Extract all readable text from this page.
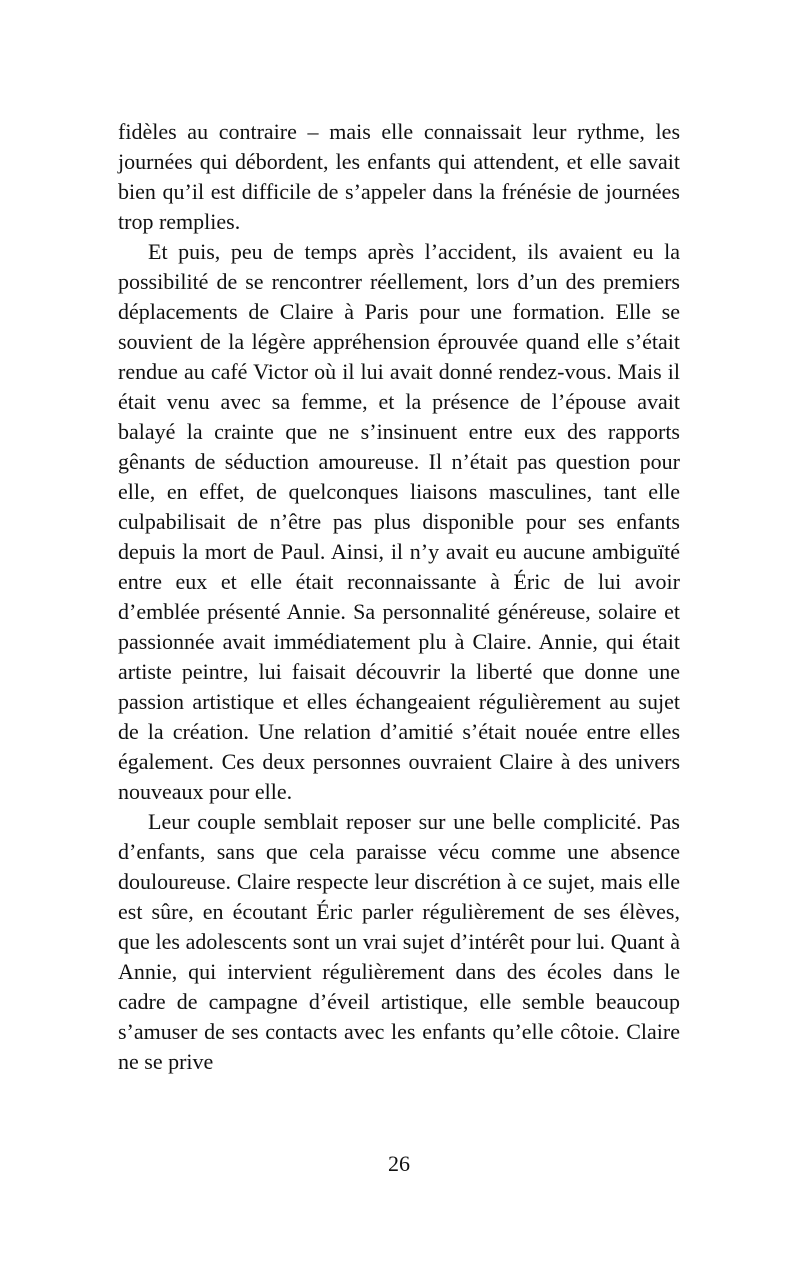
fidèles au contraire – mais elle connaissait leur rythme, les journées qui débordent, les enfants qui attendent, et elle savait bien qu’il est difficile de s’appeler dans la frénésie de journées trop remplies.

Et puis, peu de temps après l’accident, ils avaient eu la possibilité de se rencontrer réellement, lors d’un des premiers déplacements de Claire à Paris pour une formation. Elle se souvient de la légère appréhension éprouvée quand elle s’était rendue au café Victor où il lui avait donné rendez-vous. Mais il était venu avec sa femme, et la présence de l’épouse avait balayé la crainte que ne s’insinuent entre eux des rapports gênants de séduction amoureuse. Il n’était pas question pour elle, en effet, de quelconques liaisons masculines, tant elle culpabilisait de n’être pas plus disponible pour ses enfants depuis la mort de Paul. Ainsi, il n’y avait eu aucune ambiguïté entre eux et elle était reconnaissante à Éric de lui avoir d’emblée présenté Annie. Sa personnalité généreuse, solaire et passionnée avait immédiatement plu à Claire. Annie, qui était artiste peintre, lui faisait découvrir la liberté que donne une passion artistique et elles échangeaient régulièrement au sujet de la création. Une relation d’amitié s’était nouée entre elles également. Ces deux personnes ouvraient Claire à des univers nouveaux pour elle.

Leur couple semblait reposer sur une belle complicité. Pas d’enfants, sans que cela paraisse vécu comme une absence douloureuse. Claire respecte leur discrétion à ce sujet, mais elle est sûre, en écoutant Éric parler régulièrement de ses élèves, que les adolescents sont un vrai sujet d’intérêt pour lui. Quant à Annie, qui intervient régulièrement dans des écoles dans le cadre de campagne d’éveil artistique, elle semble beaucoup s’amuser de ses contacts avec les enfants qu’elle côtoie. Claire ne se prive

26
